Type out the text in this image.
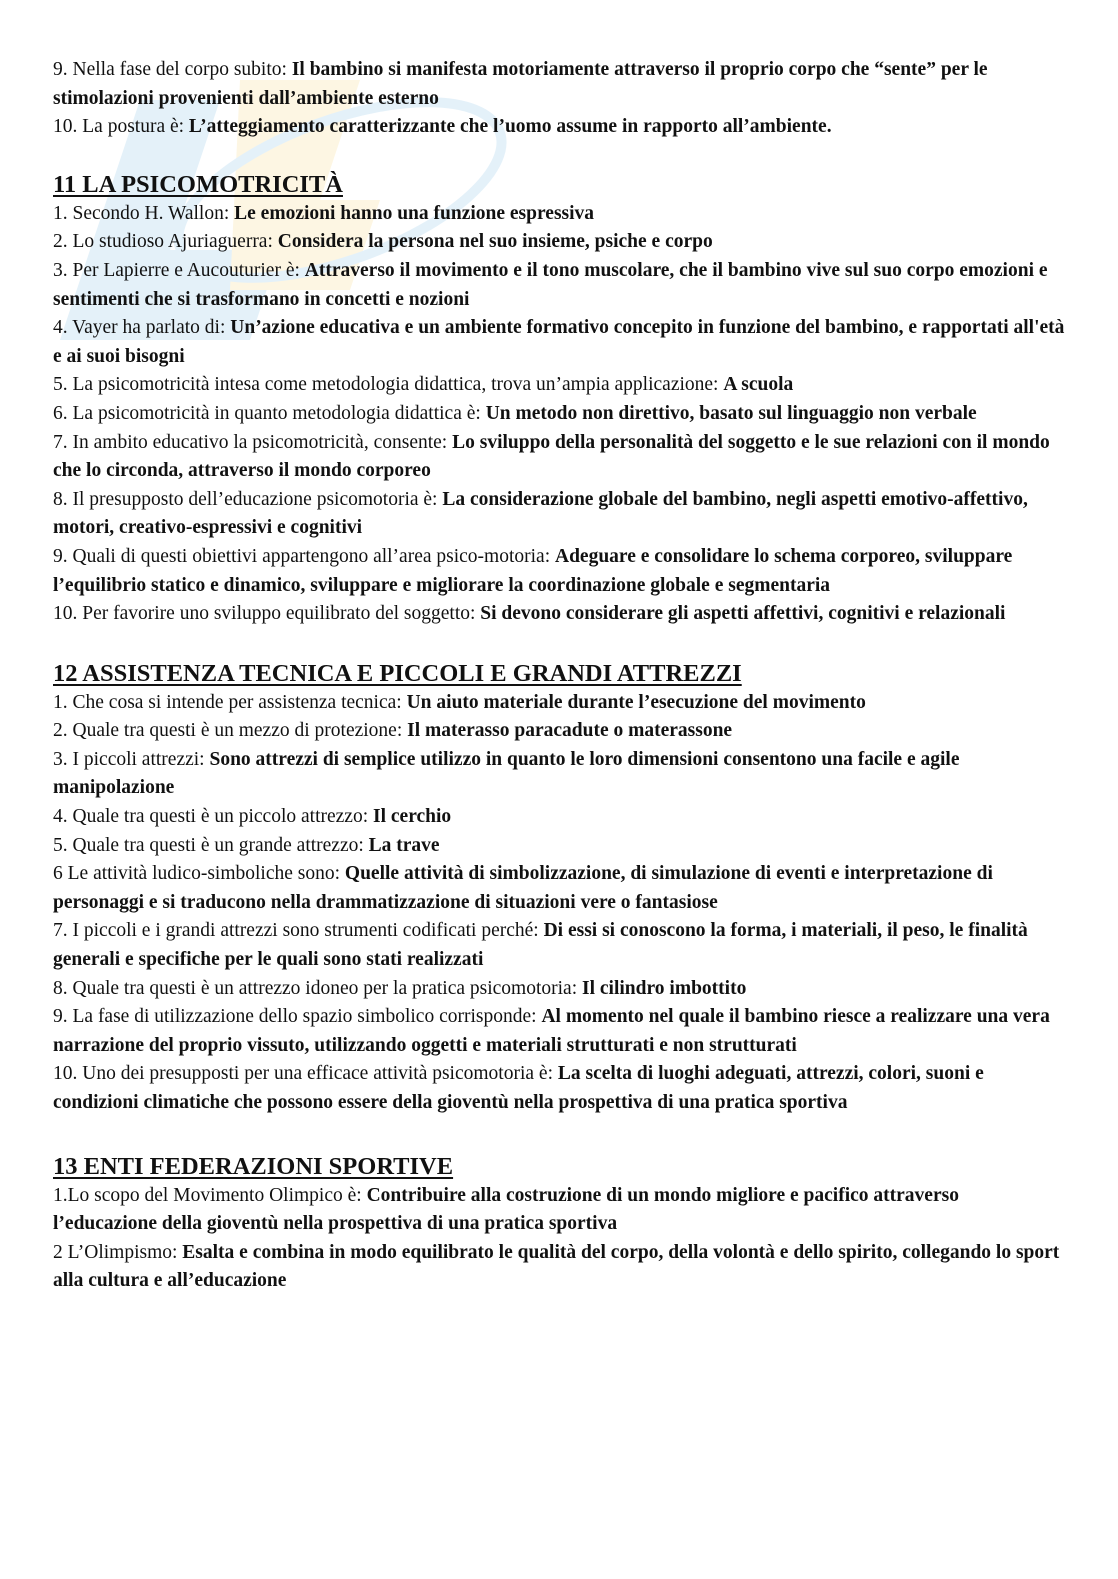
9. Nella fase del corpo subito: Il bambino si manifesta motoriamente attraverso il proprio corpo che “sente” per le stimolazioni provenienti dall’ambiente esterno

10. La postura è: L’atteggiamento caratterizzante che l’uomo assume in rapporto all’ambiente.

11 LA PSICOMOTRICITÀ

1. Secondo H. Wallon: Le emozioni hanno una funzione espressiva

2. Lo studioso Ajuriaguerra: Considera la persona nel suo insieme, psiche e corpo

3. Per Lapierre e Aucouturier è: Attraverso il movimento e il tono muscolare, che il bambino vive sul suo corpo emozioni e sentimenti che si trasformano in concetti e nozioni

4. Vayer ha parlato di: Un’azione educativa e un ambiente formativo concepito in funzione del bambino, e rapportati all'età e ai suoi bisogni

5. La psicomotricità intesa come metodologia didattica, trova un’ampia applicazione: A scuola

6. La psicomotricità in quanto metodologia didattica è: Un metodo non direttivo, basato sul linguaggio non verbale

7. In ambito educativo la psicomotricità, consente: Lo sviluppo della personalità del soggetto e le sue relazioni con il mondo che lo circonda, attraverso il mondo corporeo

8. Il presupposto dell’educazione psicomotoria è: La considerazione globale del bambino, negli aspetti emotivo-affettivo, motori, creativo-espressivi e cognitivi

9. Quali di questi obiettivi appartengono all’area psico-motoria: Adeguare e consolidare lo schema corporeo, sviluppare l’equilibrio statico e dinamico, sviluppare e migliorare la coordinazione globale e segmentaria

10. Per favorire uno sviluppo equilibrato del soggetto: Si devono considerare gli aspetti affettivi, cognitivi e relazionali

12 ASSISTENZA TECNICA E PICCOLI E GRANDI ATTREZZI

1. Che cosa si intende per assistenza tecnica: Un aiuto materiale durante l’esecuzione del movimento

2. Quale tra questi è un mezzo di protezione: Il materasso paracadute o materassone

3. I piccoli attrezzi: Sono attrezzi di semplice utilizzo in quanto le loro dimensioni consentono una facile e agile manipolazione

4. Quale tra questi è un piccolo attrezzo: Il cerchio

5. Quale tra questi è un grande attrezzo: La trave

6 Le attività ludico-simboliche sono: Quelle attività di simbolizzazione, di simulazione di eventi e interpretazione di personaggi e si traducono nella drammatizzazione di situazioni vere o fantasiose

7. I piccoli e i grandi attrezzi sono strumenti codificati perché: Di essi si conoscono la forma, i materiali, il peso, le finalità generali e specifiche per le quali sono stati realizzati

8. Quale tra questi è un attrezzo idoneo per la pratica psicomotoria: Il cilindro imbottito

9. La fase di utilizzazione dello spazio simbolico corrisponde: Al momento nel quale il bambino riesce a realizzare una vera narrazione del proprio vissuto, utilizzando oggetti e materiali strutturati e non strutturati

10. Uno dei presupposti per una efficace attività psicomotoria è: La scelta di luoghi adeguati, attrezzi, colori, suoni e condizioni climatiche che possono essere della gioventù nella prospettiva di una pratica sportiva

13 ENTI FEDERAZIONI SPORTIVE

1.Lo scopo del Movimento Olimpico è: Contribuire alla costruzione di un mondo migliore e pacifico attraverso l’educazione della gioventù nella prospettiva di una pratica sportiva

2 L’Olimpismo: Esalta e combina in modo equilibrato le qualità del corpo, della volontà e dello spirito, collegando lo sport alla cultura e all’educazione
